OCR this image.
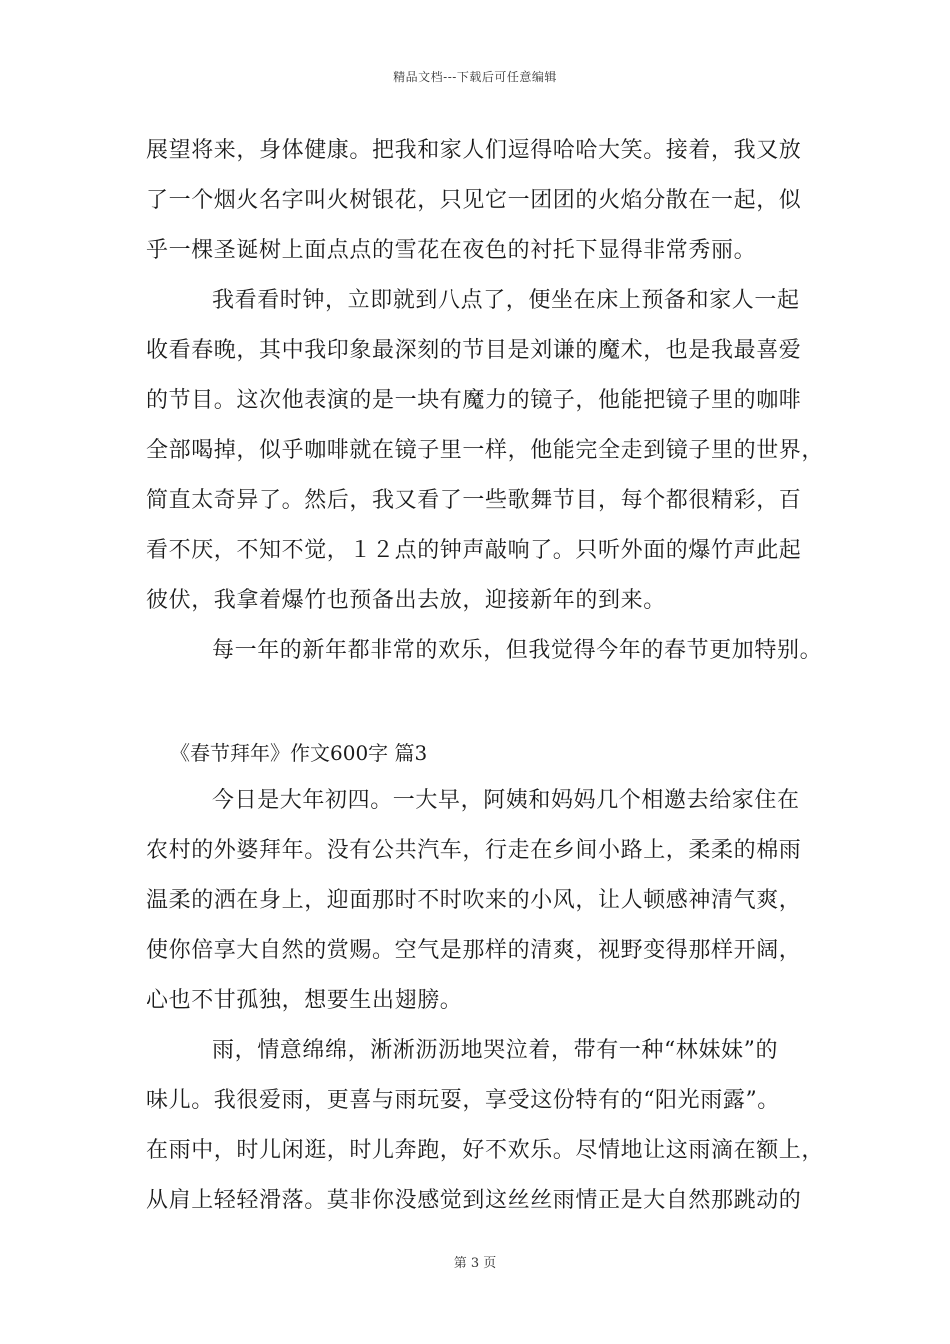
精品文档---下载后可任意编辑
展望将来，身体健康。把我和家人们逗得哈哈大笑。接着，我又放
了一个烟火名字叫火树银花，只见它一团团的火焰分散在一起，似
乎一棵圣诞树上面点点的雪花在夜色的衬托下显得非常秀丽。
我看看时钟，立即就到八点了，便坐在床上预备和家人一起
收看春晚，其中我印象最深刻的节目是刘谦的魔术，也是我最喜爱
的节目。这次他表演的是一块有魔力的镜子，他能把镜子里的咖啡
全部喝掉，似乎咖啡就在镜子里一样，他能完全走到镜子里的世界，
简直太奇异了。然后，我又看了一些歌舞节目，每个都很精彩，百
看不厌，不知不觉，１２点的钟声敲响了。只听外面的爆竹声此起
彼伏，我拿着爆竹也预备出去放，迎接新年的到来。
每一年的新年都非常的欢乐，但我觉得今年的春节更加特别。
《春节拜年》作文600字 篇3
今日是大年初四。一大早，阿姨和妈妈几个相邀去给家住在
农村的外婆拜年。没有公共汽车，行走在乡间小路上，柔柔的棉雨
温柔的洒在身上，迎面那时不时吹来的小风，让人顿感神清气爽，
使你倍享大自然的赏赐。空气是那样的清爽，视野变得那样开阔，
心也不甘孤独，想要生出翅膀。
雨，情意绵绵，淅淅沥沥地哭泣着，带有一种“林妹妹”的
味儿。我很爱雨，更喜与雨玩耍，享受这份特有的“阳光雨露”。
在雨中，时儿闲逛，时儿奔跑，好不欢乐。尽情地让这雨滴在额上，
从肩上轻轻滑落。莫非你没感觉到这丝丝雨情正是大自然那跳动的
第 3 页
